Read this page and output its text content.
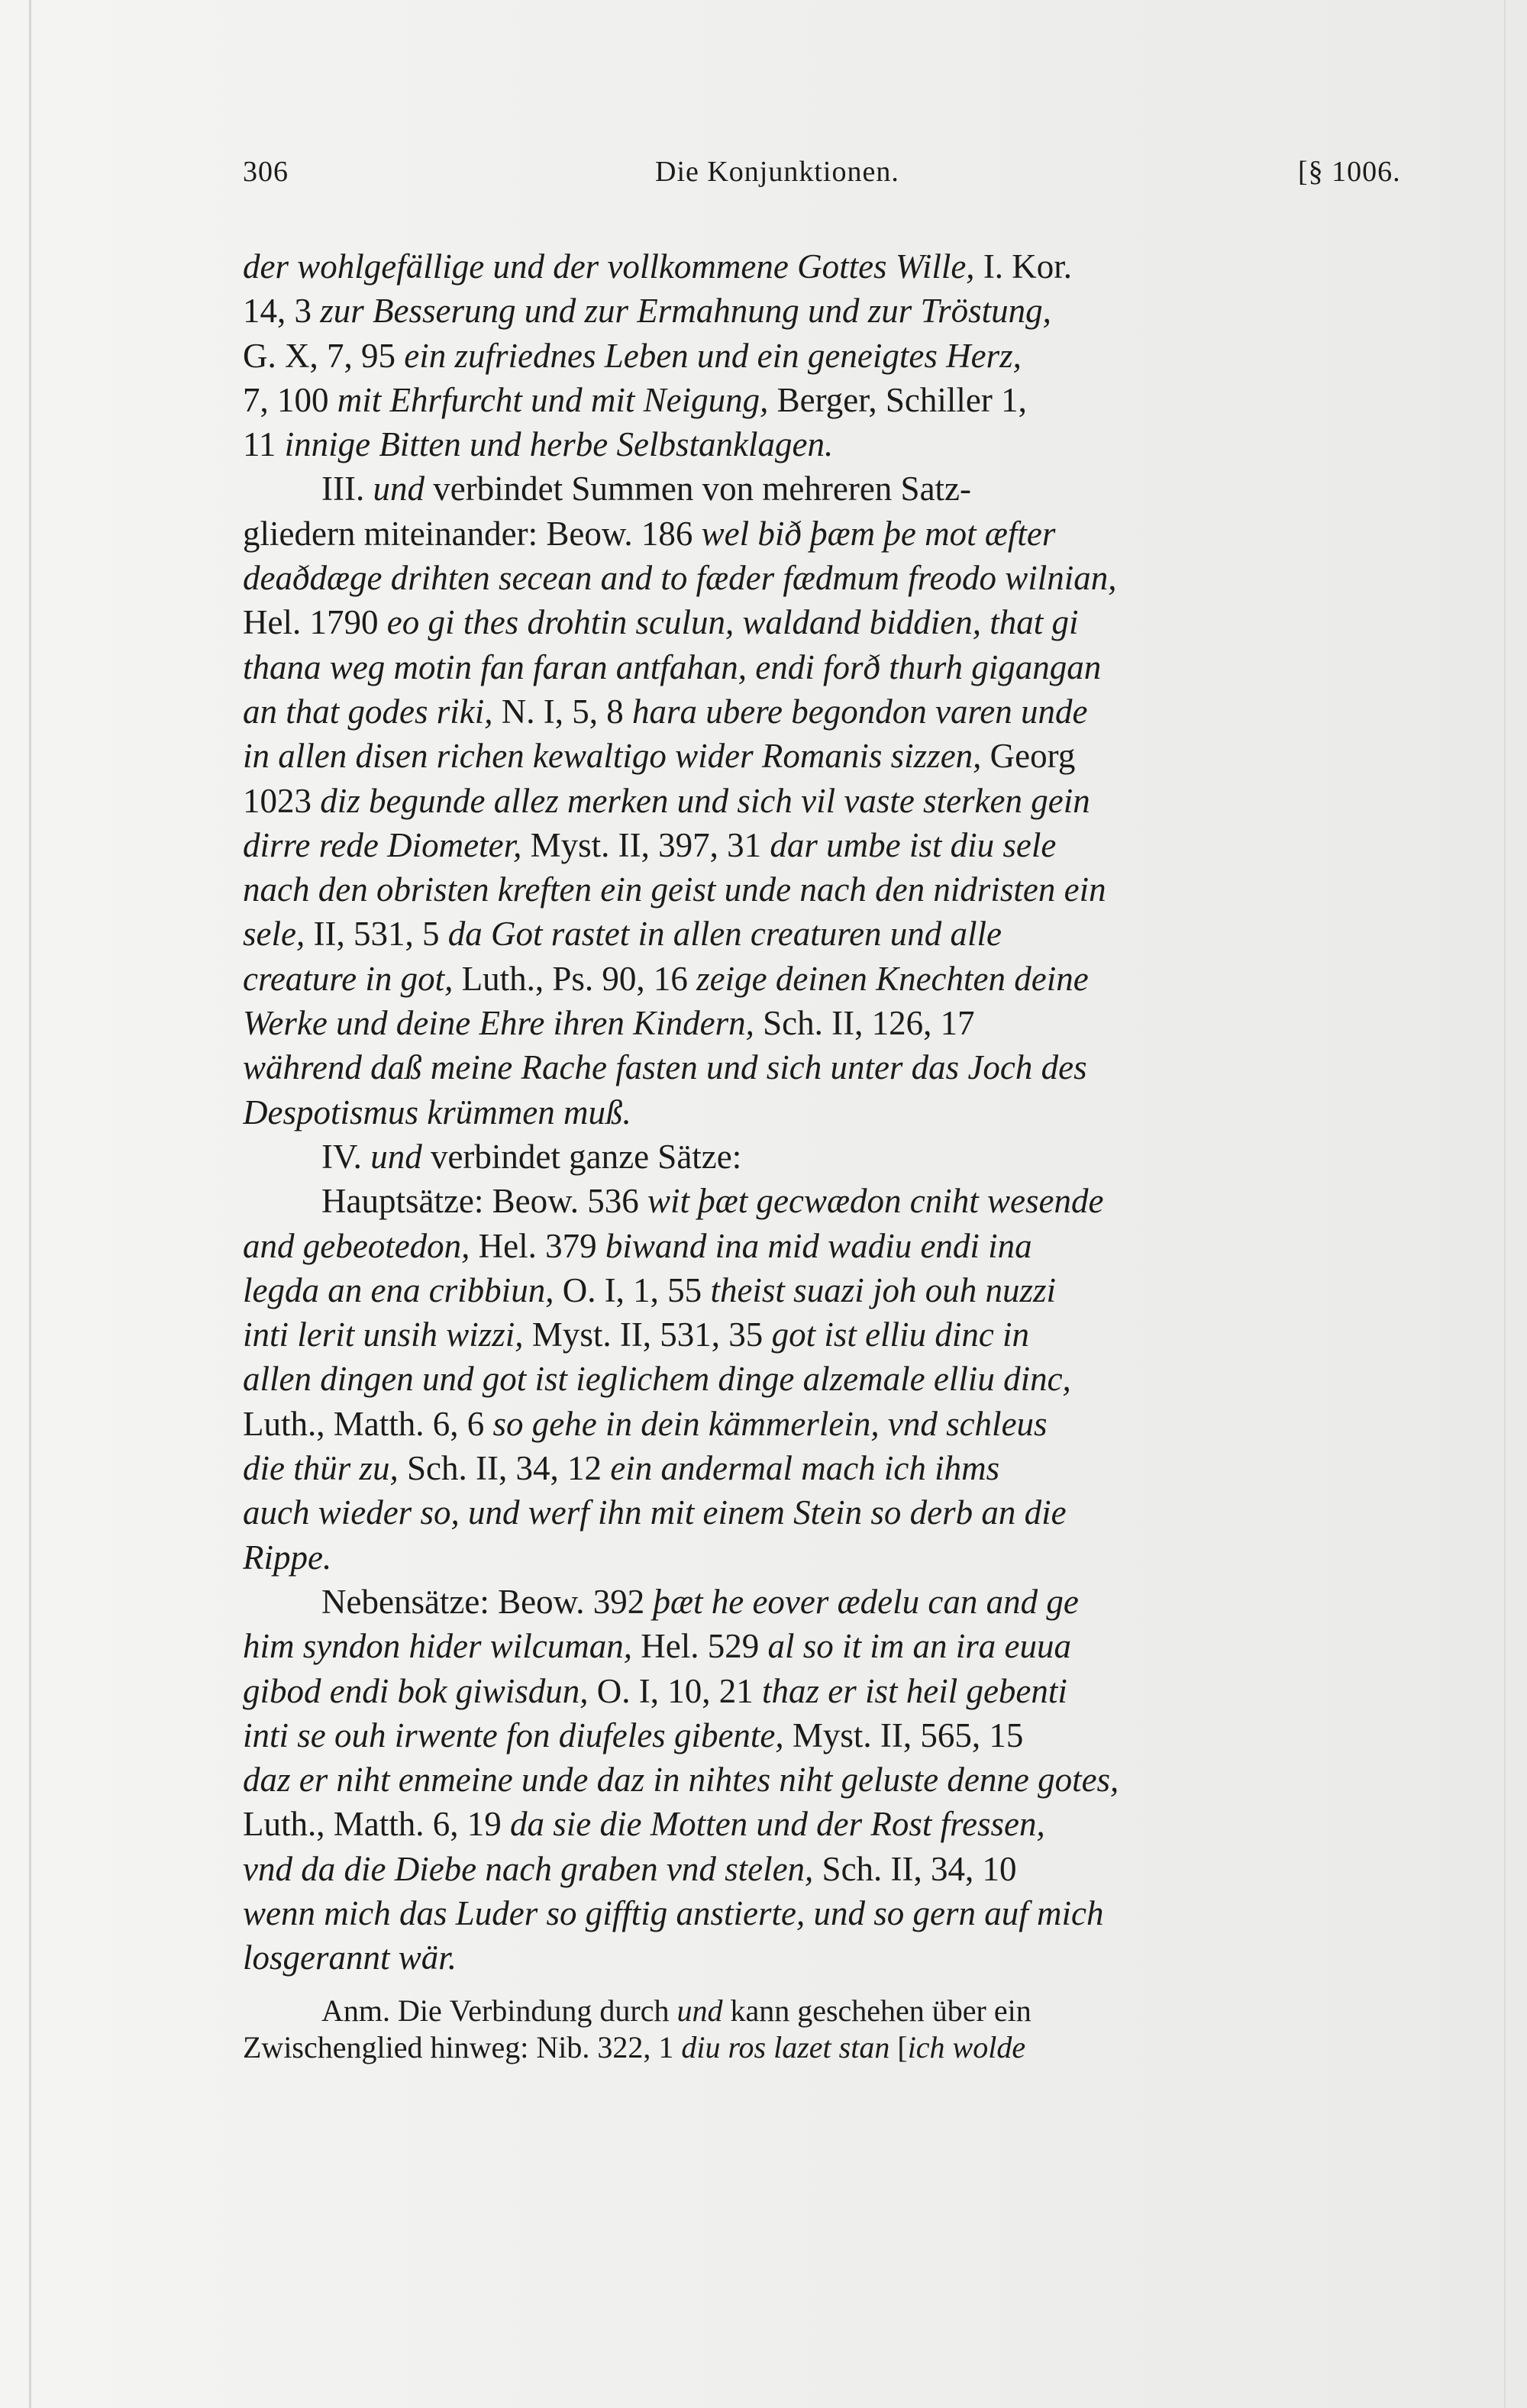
306	Die Konjunktionen.	[§ 1006.
der wohlgefällige und der vollkommene Gottes Wille, I. Kor.
14, 3 zur Besserung und zur Ermahnung und zur Tröstung,
G. X, 7, 95 ein zufriednes Leben und ein geneigtes Herz,
7, 100 mit Ehrfurcht und mit Neigung, Berger, Schiller 1,
11 innige Bitten und herbe Selbstanklagen.
III. und verbindet Summen von mehreren Satz-
gliedern miteinander: Beow. 186 wel bið þæm þe mot æfter
deaðdæge drihten secean and to fæder fædmum freodo wilnian,
Hel. 1790 eo gi thes drohtin sculun, waldand biddien, that gi
thana weg motin fan faran antfahan, endi forð thurh gigangan
an that godes riki, N. I, 5, 8 hara ubere begondon varen unde
in allen disen richen kewaltigo wider Romanis sizzen, Georg
1023 diz begunde allez merken und sich vil vaste sterken gein
dirre rede Diometer, Myst. II, 397, 31 dar umbe ist diu sele
nach den obristen kreften ein geist unde nach den nidristen ein
sele, II, 531, 5 da Got rastet in allen creaturen und alle
creature in got, Luth., Ps. 90, 16 zeige deinen Knechten deine
Werke und deine Ehre ihren Kindern, Sch. II, 126, 17
während daß meine Rache fasten und sich unter das Joch des
Despotismus krümmen muß.
IV. und verbindet ganze Sätze:
Hauptsätze: Beow. 536 wit þæt gecwædon cniht wesende
and gebeotedon, Hel. 379 biwand ina mid wadiu endi ina
legda an ena cribbiun, O. I, 1, 55 theist suazi joh ouh nuzzi
inti lerit unsih wizzi, Myst. II, 531, 35 got ist elliu dinc in
allen dingen und got ist ieglichem dinge alzemale elliu dinc,
Luth., Matth. 6, 6 so gehe in dein kämmerlein, vnd schleus
die thür zu, Sch. II, 34, 12 ein andermal mach ich ihms
auch wieder so, und werf ihn mit einem Stein so derb an die
Rippe.
Nebensätze: Beow. 392 þæt he eover ædelu can and ge
him syndon hider wilcuman, Hel. 529 al so it im an ira euua
gibod endi bok giwisdun, O. I, 10, 21 thaz er ist heil gebenti
inti se ouh irwente fon diufeles gibente, Myst. II, 565, 15
daz er niht enmeine unde daz in nihtes niht geluste denne gotes,
Luth., Matth. 6, 19 da sie die Motten und der Rost fressen,
vnd da die Diebe nach graben vnd stelen, Sch. II, 34, 10
wenn mich das Luder so gifftig anstierte, und so gern auf mich
losgerannt wär.
Anm. Die Verbindung durch und kann geschehen über ein
Zwischenglied hinweg: Nib. 322, 1 diu ros lazet stan [ich wolde
